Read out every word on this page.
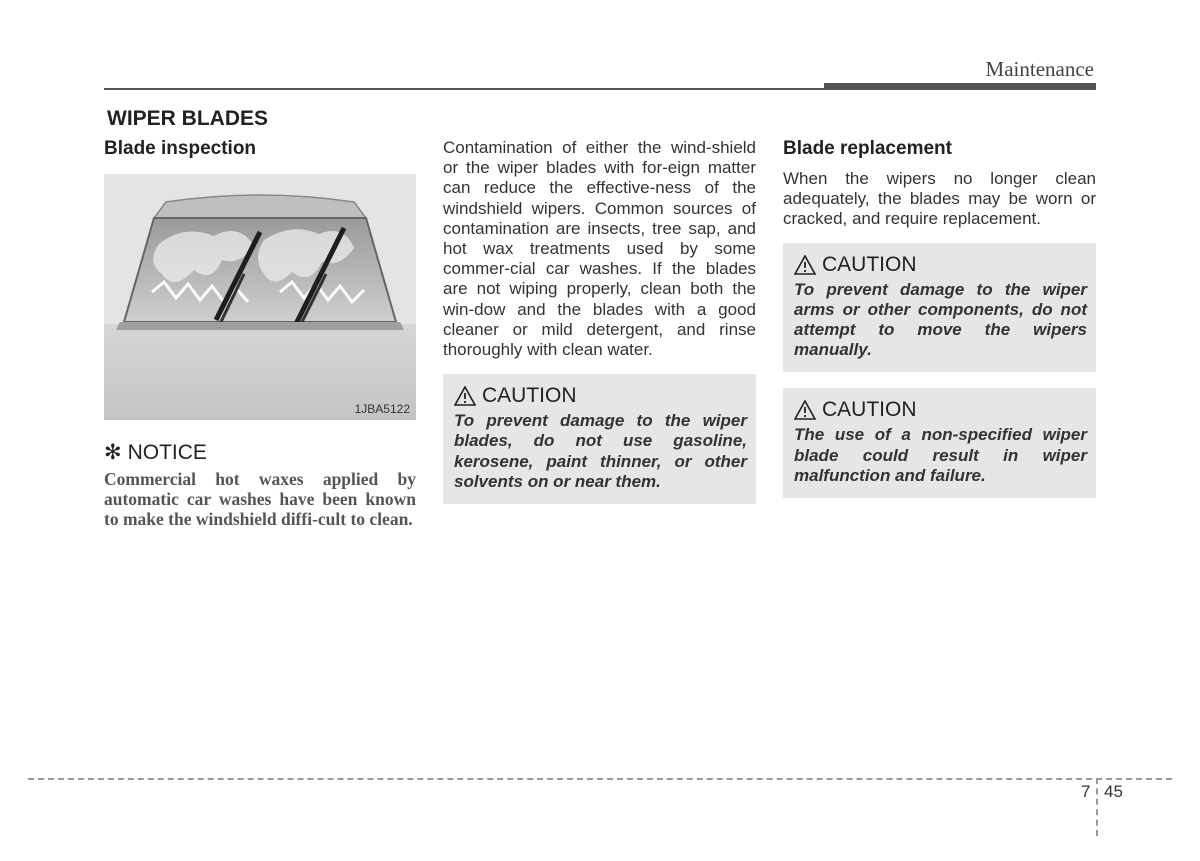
Maintenance
WIPER BLADES
Blade inspection
1JBA5122
✻ NOTICE

Commercial hot waxes applied by automatic car washes have been known to make the windshield diffi-cult to clean.

Contamination of either the wind-shield or the wiper blades with for-eign matter can reduce the effective-ness of the windshield wipers. Common sources of contamination are insects, tree sap, and hot wax treatments used by some commer-cial car washes. If the blades are not wiping properly, clean both the win-dow and the blades with a good cleaner or mild detergent, and rinse thoroughly with clean water.

CAUTION

To prevent damage to the wiper blades, do not use gasoline, kerosene, paint thinner, or other solvents on or near them.

Blade replacement

When the wipers no longer clean adequately, the blades may be worn or cracked, and require replacement.

CAUTION

To prevent damage to the wiper arms or other components, do not attempt to move the wipers manually.

CAUTION

The use of a non-specified wiper blade could result in wiper malfunction and failure.

7 45
